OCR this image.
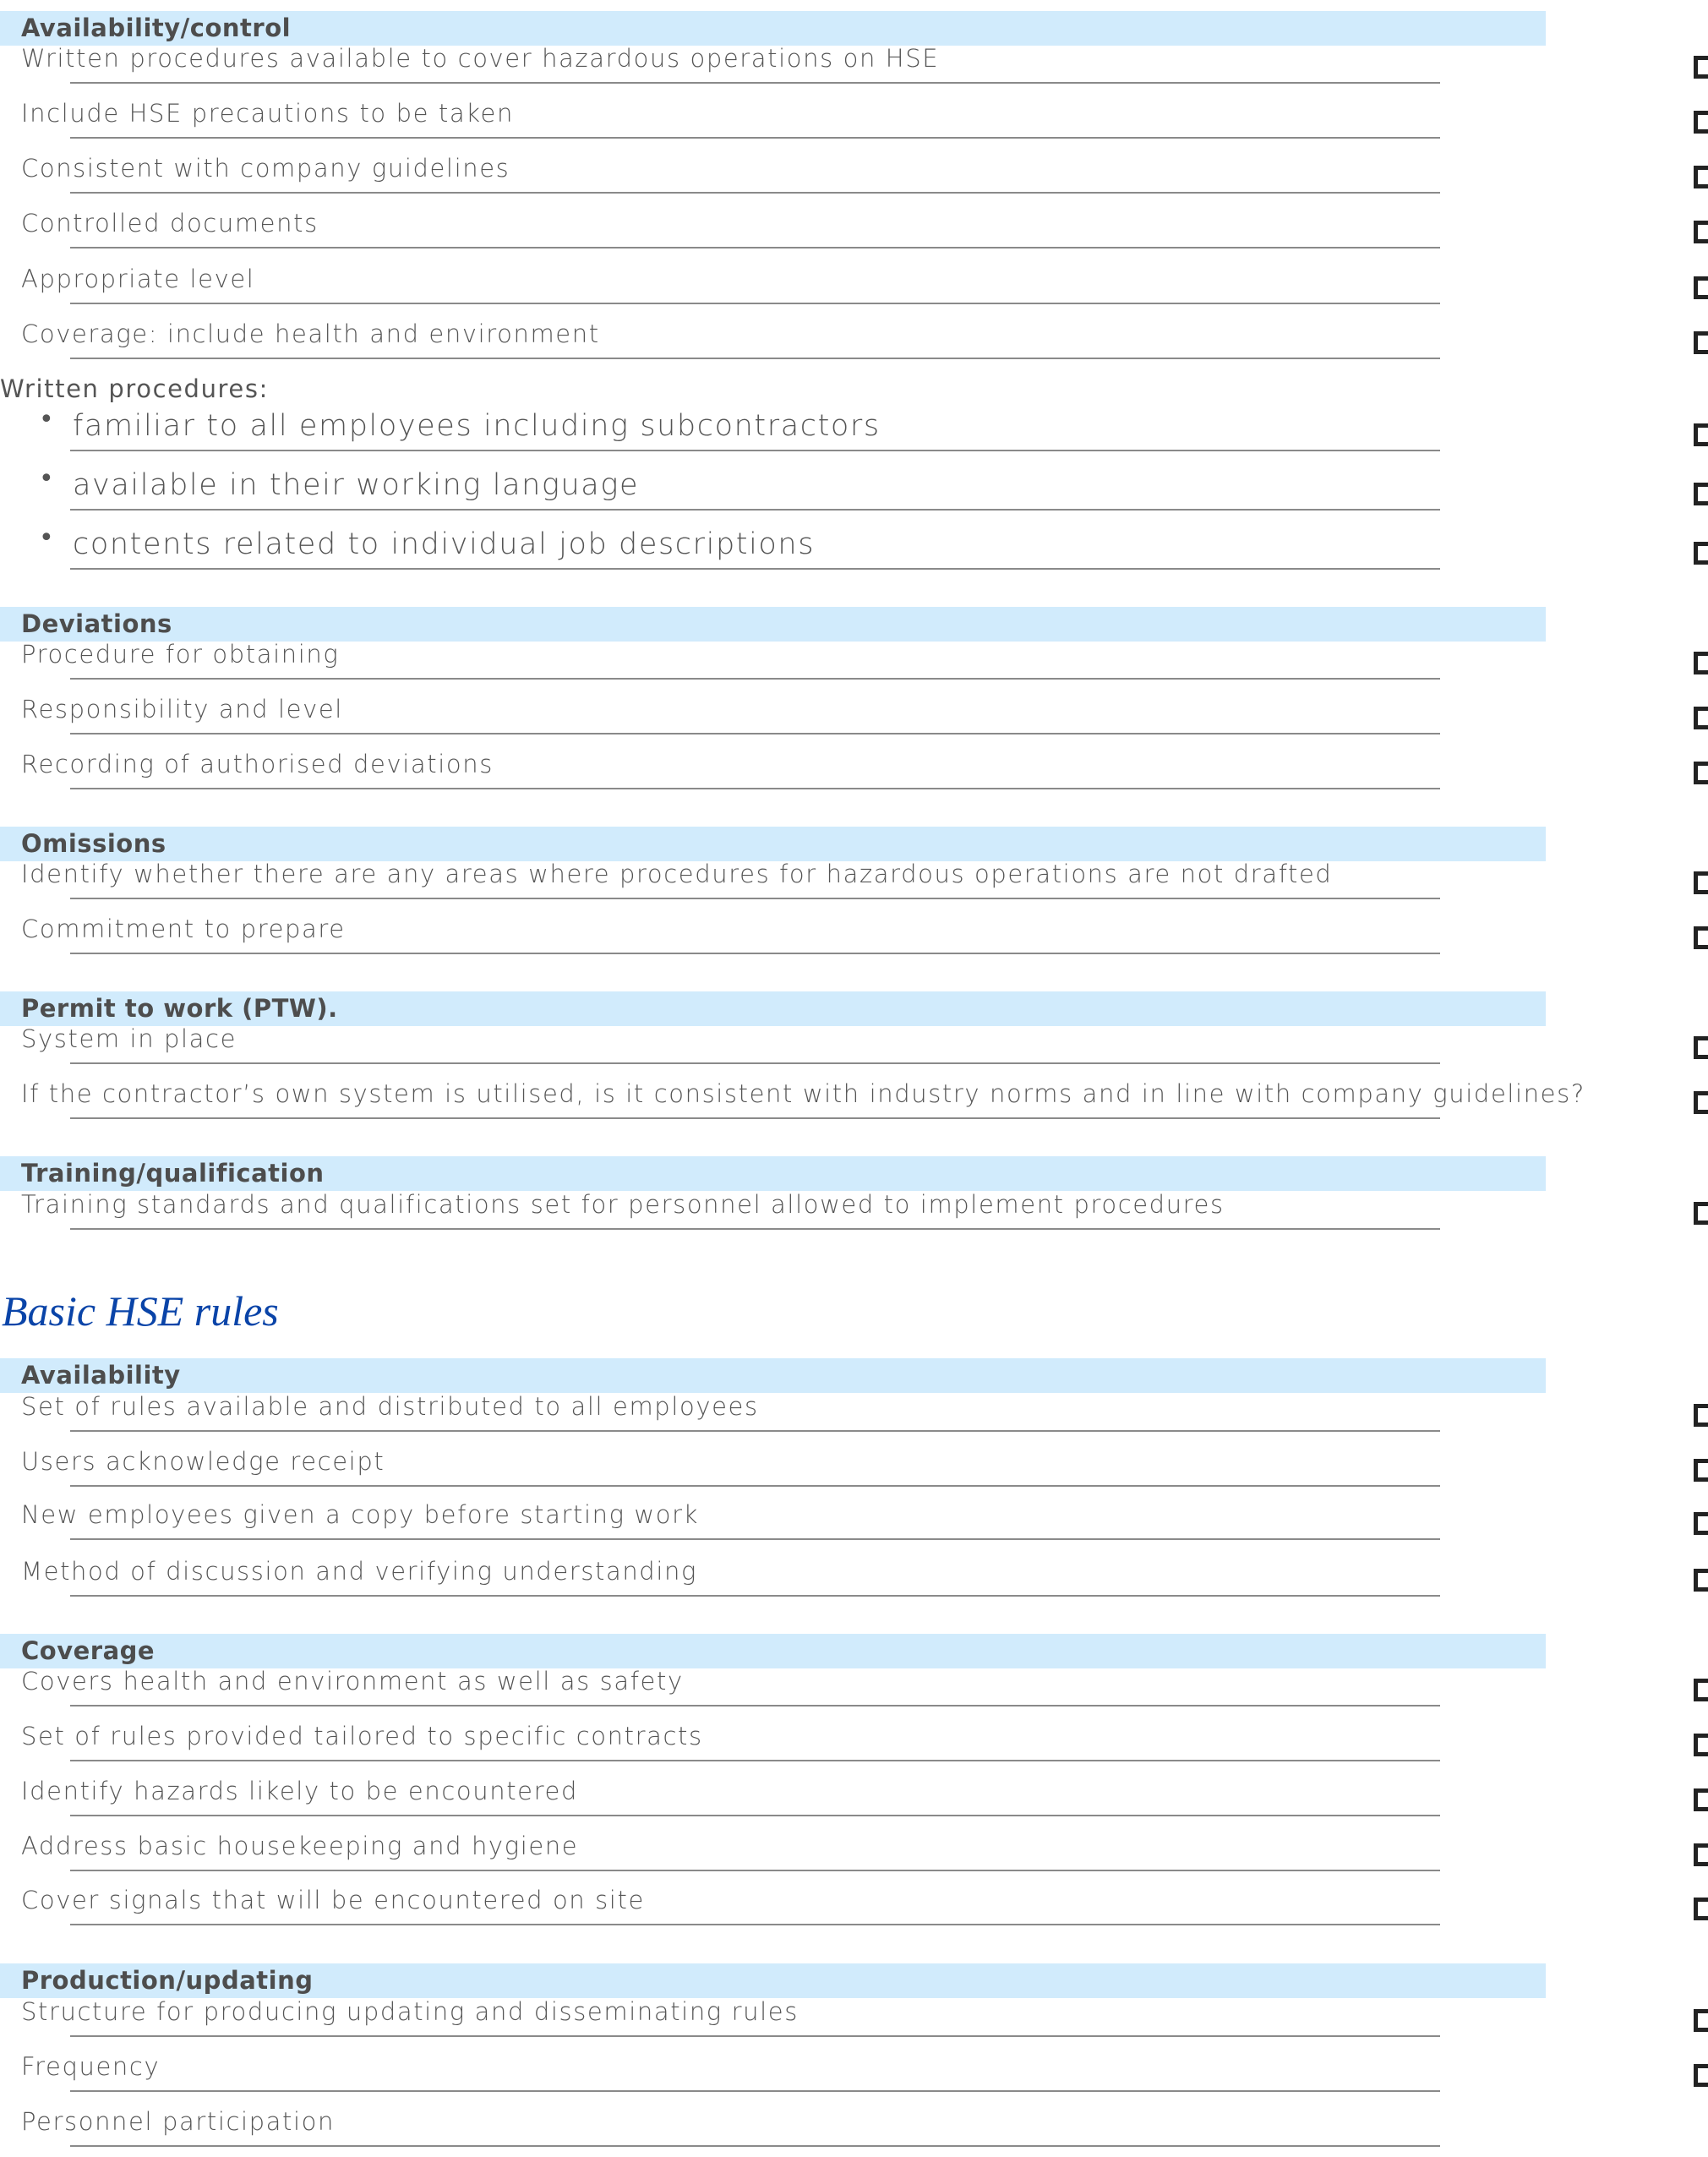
Availability/control
Written procedures available to cover hazardous operations on HSE
Include HSE precautions to be taken
Consistent with company guidelines
Controlled documents
Appropriate level
Coverage: include health and environment
Written procedures:
• familiar to all employees including subcontractors
• available in their working language
• contents related to individual job descriptions
Deviations
Procedure for obtaining
Responsibility and level
Recording of authorised deviations
Omissions
Identify whether there are any areas where procedures for hazardous operations are not drafted
Commitment to prepare
Permit to work (PTW).
System in place
If the contractor’s own system is utilised, is it consistent with industry norms and in line with company guidelines?
Training/qualification
Training standards and qualifications set for personnel allowed to implement procedures
Basic HSE rules
Availability
Set of rules available and distributed to all employees
Users acknowledge receipt
New employees given a copy before starting work
Method of discussion and verifying understanding
Coverage
Covers health and environment as well as safety
Set of rules provided tailored to specific contracts
Identify hazards likely to be encountered
Address basic housekeeping and hygiene
Cover signals that will be encountered on site
Production/updating
Structure for producing updating and disseminating rules
Frequency
Personnel participation
